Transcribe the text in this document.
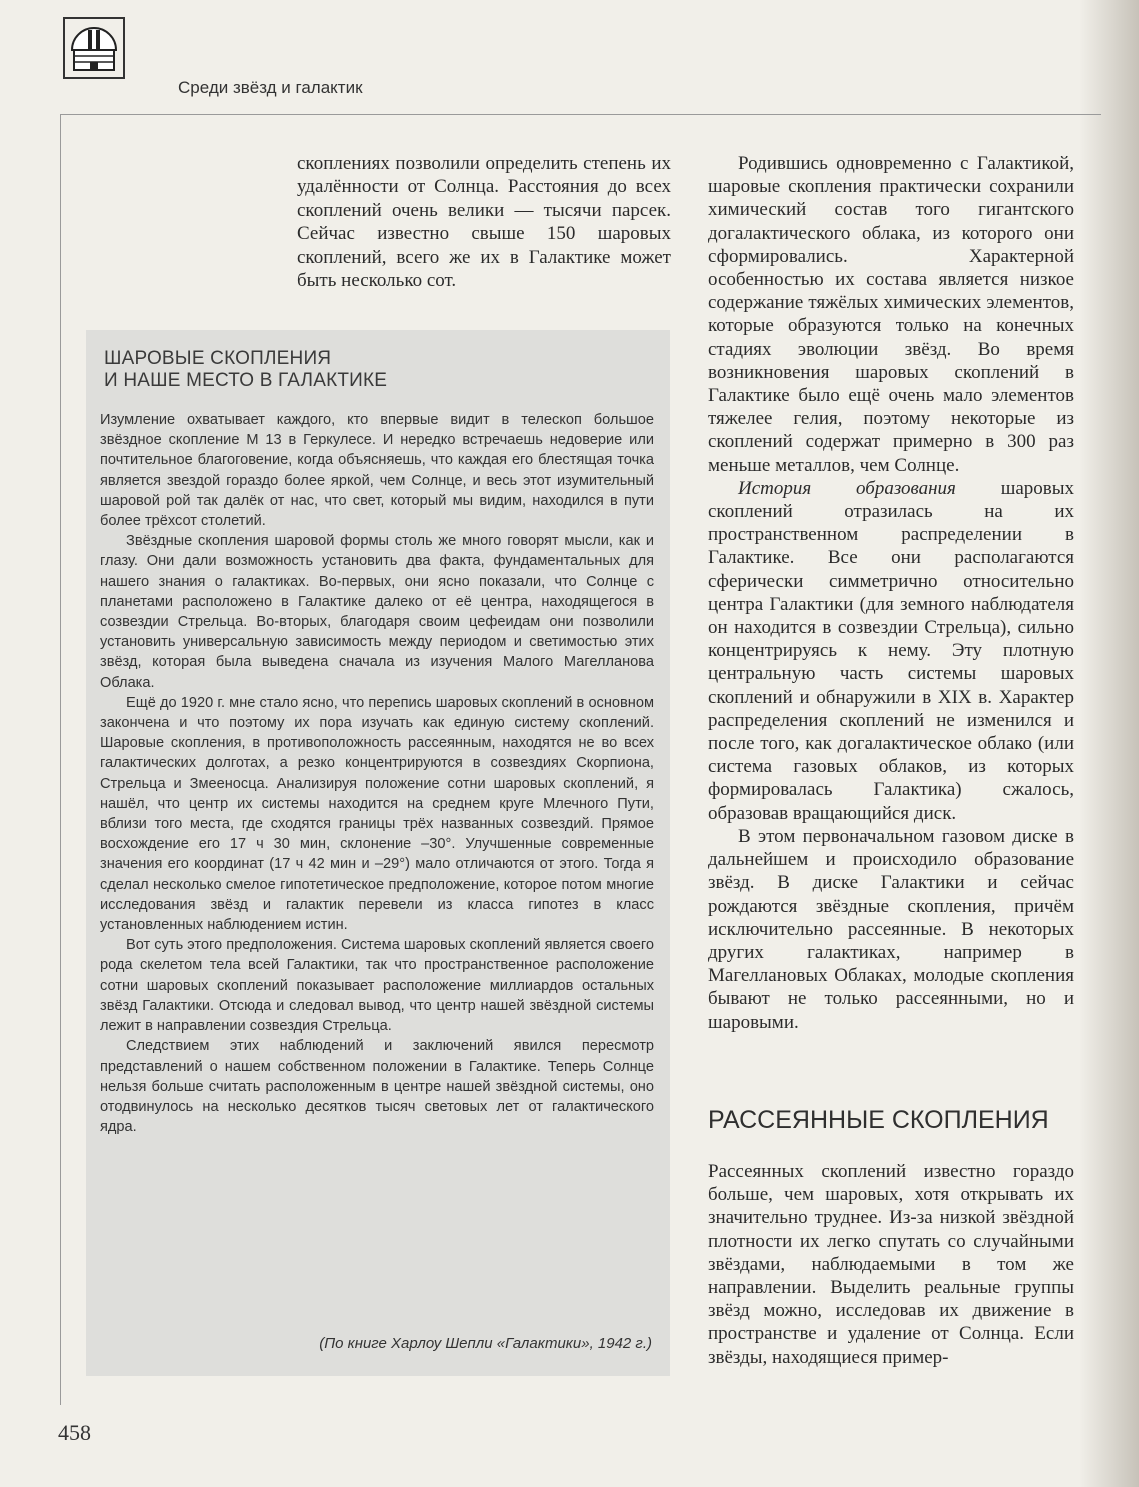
Среди звёзд и галактик
скоплениях позволили определить степень их удалённости от Солнца. Расстояния до всех скоплений очень велики — тысячи парсек. Сейчас известно свыше 150 шаровых скоплений, всего же их в Галактике может быть несколько сот.
ШАРОВЫЕ СКОПЛЕНИЯ
И НАШЕ МЕСТО В ГАЛАКТИКЕ

Изумление охватывает каждого, кто впервые видит в телескоп большое звёздное скопление М 13 в Геркулесе. И нередко встречаешь недоверие или почтительное благоговение, когда объясняешь, что каждая его блестящая точка является звездой гораздо более яркой, чем Солнце, и весь этот изумительный шаровой рой так далёк от нас, что свет, который мы видим, находился в пути более трёхсот столетий.

Звёздные скопления шаровой формы столь же много говорят мысли, как и глазу. Они дали возможность установить два факта, фундаментальных для нашего знания о галактиках. Во-первых, они ясно показали, что Солнце с планетами расположено в Галактике далеко от её центра, находящегося в созвездии Стрельца. Во-вторых, благодаря своим цефеидам они позволили установить универсальную зависимость между периодом и светимостью этих звёзд, которая была выведена сначала из изучения Малого Магелланова Облака.

Ещё до 1920 г. мне стало ясно, что перепись шаровых скоплений в основном закончена и что поэтому их пора изучать как единую систему скоплений. Шаровые скопления, в противоположность рассеянным, находятся не во всех галактических долготах, а резко концентрируются в созвездиях Скорпиона, Стрельца и Змееносца. Анализируя положение сотни шаровых скоплений, я нашёл, что центр их системы находится на среднем круге Млечного Пути, вблизи того места, где сходятся границы трёх названных созвездий. Прямое восхождение его 17 ч 30 мин, склонение –30°. Улучшенные современные значения его координат (17 ч 42 мин и –29°) мало отличаются от этого. Тогда я сделал несколько смелое гипотетическое предположение, которое потом многие исследования звёзд и галактик перевели из класса гипотез в класс установленных наблюдением истин.

Вот суть этого предположения. Система шаровых скоплений является своего рода скелетом тела всей Галактики, так что пространственное расположение сотни шаровых скоплений показывает расположение миллиардов остальных звёзд Галактики. Отсюда и следовал вывод, что центр нашей звёздной системы лежит в направлении созвездия Стрельца.

Следствием этих наблюдений и заключений явился пересмотр представлений о нашем собственном положении в Галактике. Теперь Солнце нельзя больше считать расположенным в центре нашей звёздной системы, оно отодвинулось на несколько десятков тысяч световых лет от галактического ядра.

(По книге Харлоу Шепли «Галактики», 1942 г.)

Родившись одновременно с Галактикой, шаровые скопления практически сохранили химический состав того гигантского догалактического облака, из которого они сформировались. Характерной особенностью их состава является низкое содержание тяжёлых химических элементов, которые образуются только на конечных стадиях эволюции звёзд. Во время возникновения шаровых скоплений в Галактике было ещё очень мало элементов тяжелее гелия, поэтому некоторые из скоплений содержат примерно в 300 раз меньше металлов, чем Солнце.

История образования шаровых скоплений отразилась на их пространственном распределении в Галактике. Все они располагаются сферически симметрично относительно центра Галактики (для земного наблюдателя он находится в созвездии Стрельца), сильно концентрируясь к нему. Эту плотную центральную часть системы шаровых скоплений и обнаружили в XIX в. Характер распределения скоплений не изменился и после того, как догалактическое облако (или система газовых облаков, из которых формировалась Галактика) сжалось, образовав вращающийся диск.

В этом первоначальном газовом диске в дальнейшем и происходило образование звёзд. В диске Галактики и сейчас рождаются звёздные скопления, причём исключительно рассеянные. В некоторых других галактиках, например в Магеллановых Облаках, молодые скопления бывают не только рассеянными, но и шаровыми.

РАССЕЯННЫЕ СКОПЛЕНИЯ

Рассеянных скоплений известно гораздо больше, чем шаровых, хотя открывать их значительно труднее. Из-за низкой звёздной плотности их легко спутать со случайными звёздами, наблюдаемыми в том же направлении. Выделить реальные группы звёзд можно, исследовав их движение в пространстве и удаление от Солнца. Если звёзды, находящиеся пример-

458
